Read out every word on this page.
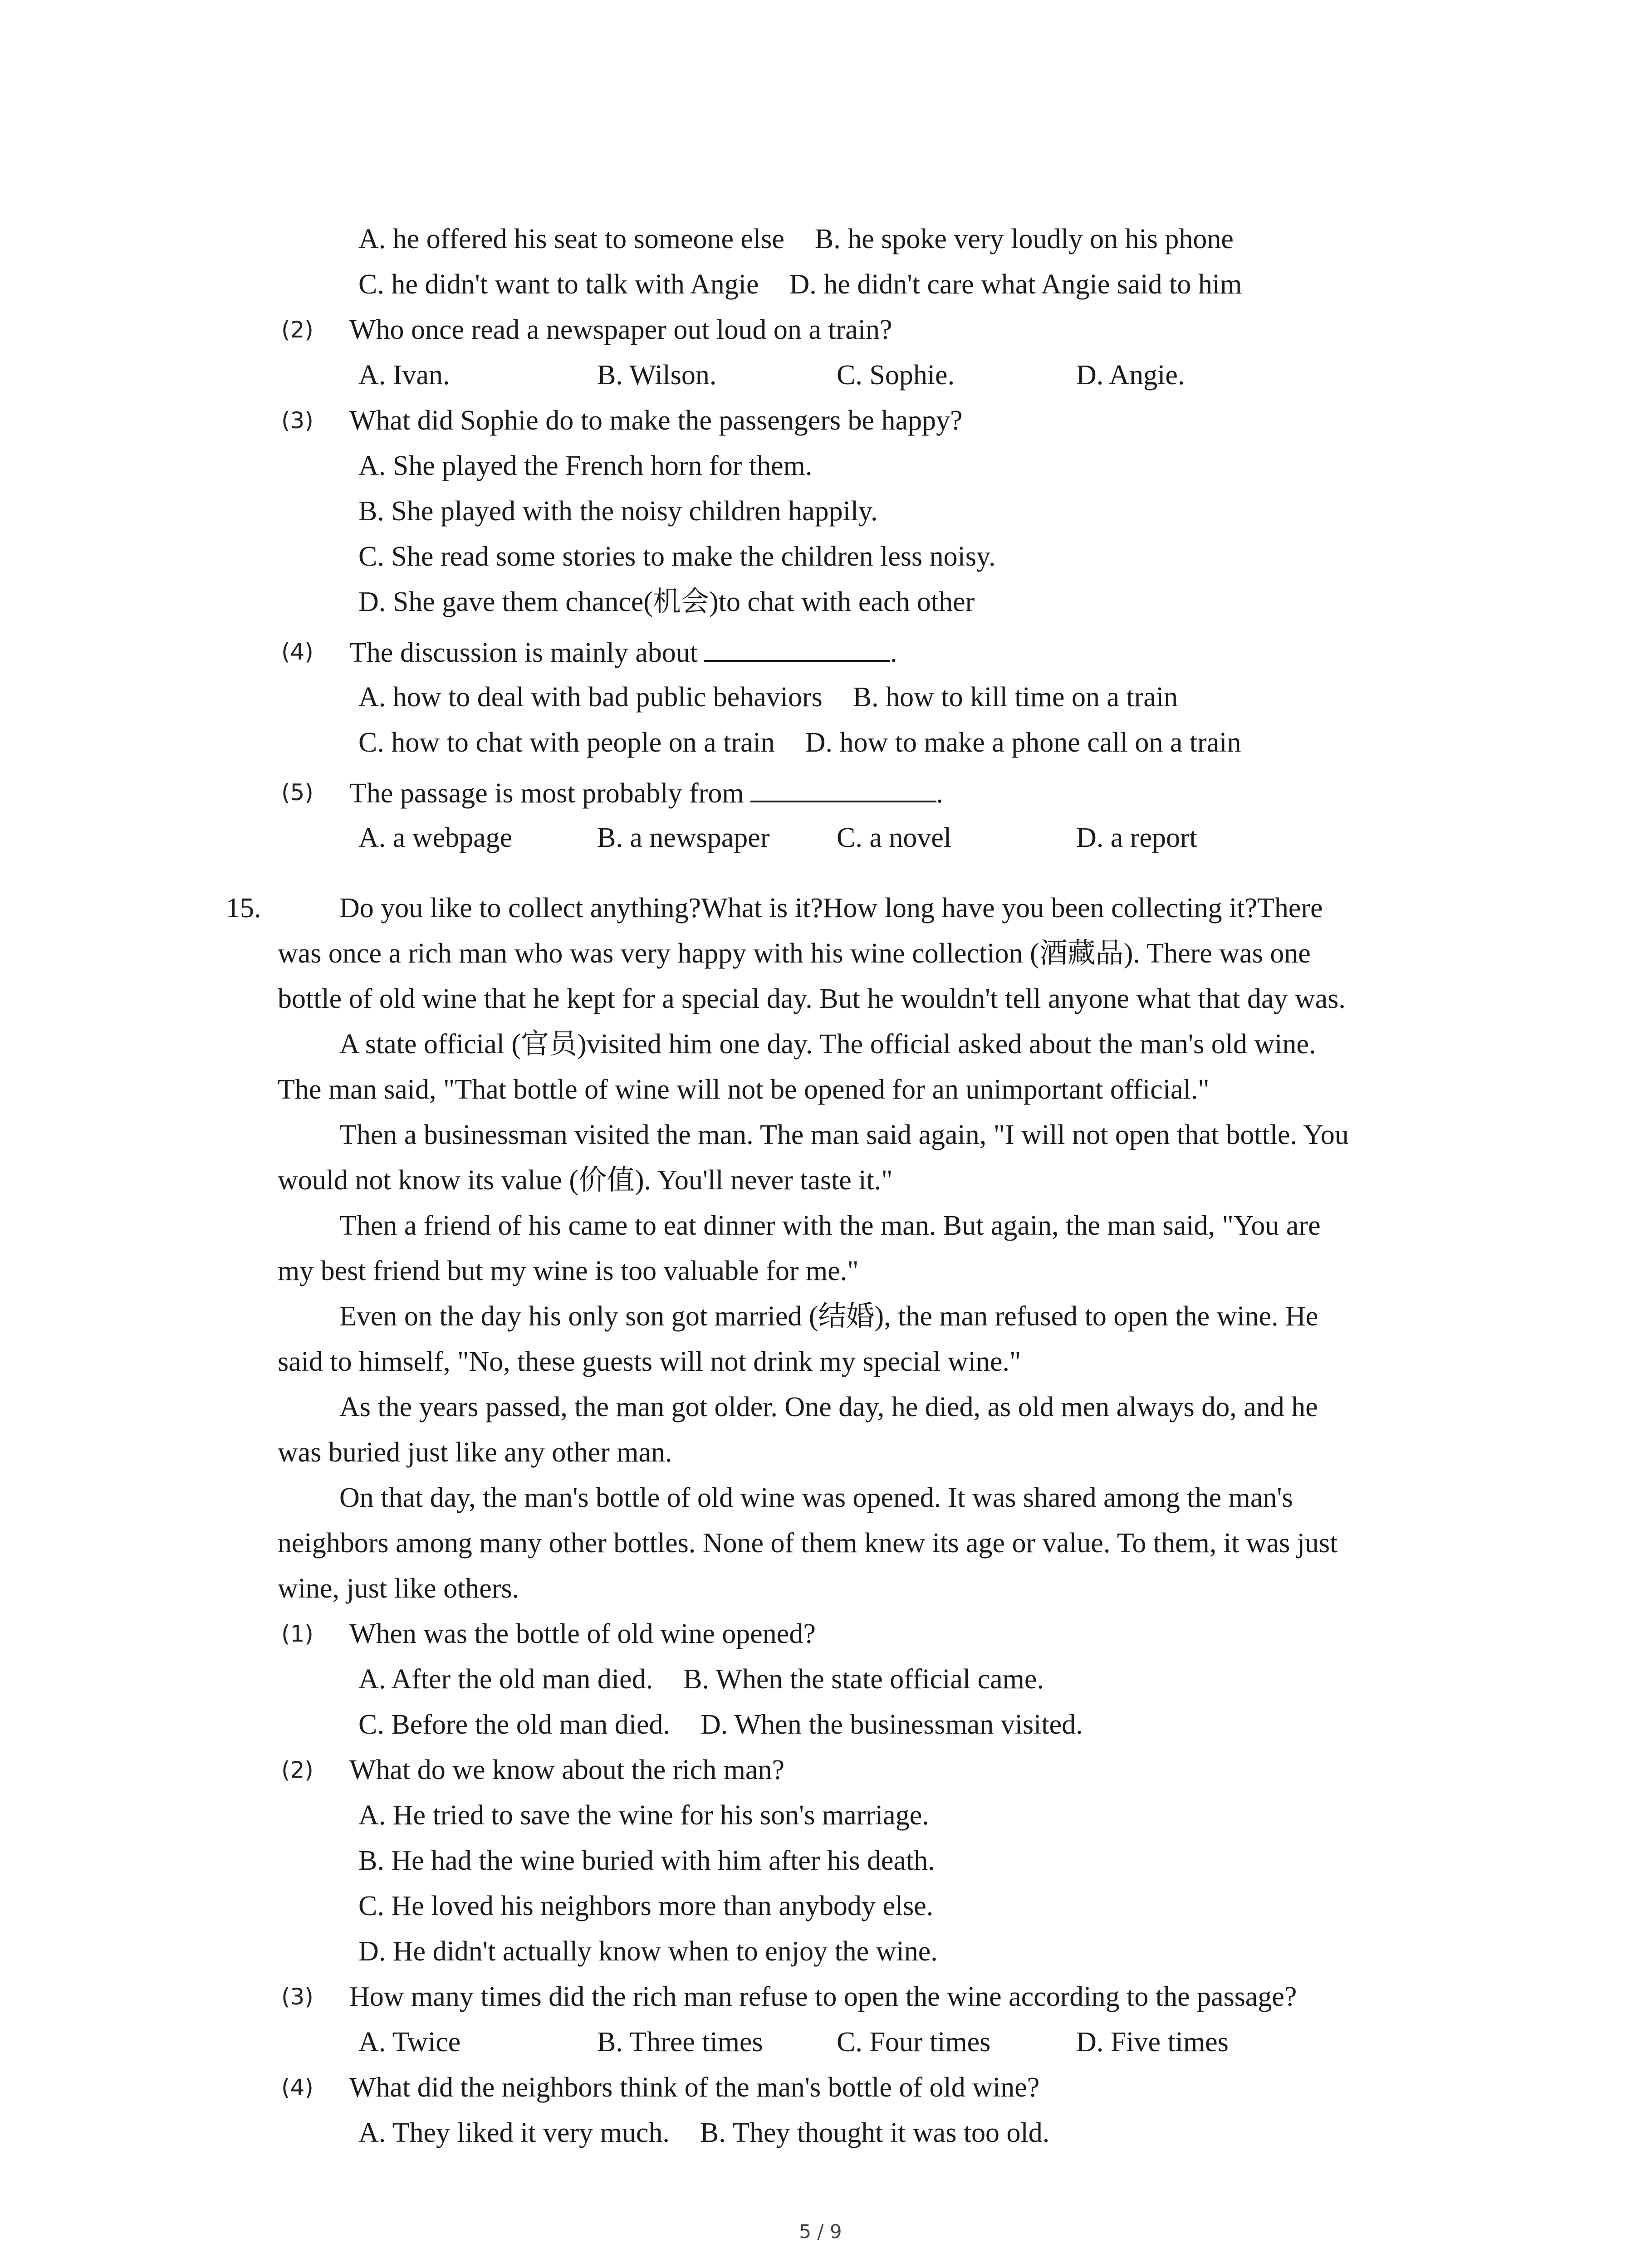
A. he offered his seat to someone else B. he spoke very loudly on his phone
C. he didn't want to talk with Angie D. he didn't care what Angie said to him
(2) Who once read a newspaper out loud on a train?
A. Ivan.	B. Wilson.	C. Sophie.	D. Angie.
(3) What did Sophie do to make the passengers be happy?
A. She played the French horn for them.
B. She played with the noisy children happily.
C. She read some stories to make the children less noisy.
D. She gave them chance(机会)to chat with each other
(4) The discussion is mainly about	.
A. how to deal with bad public behaviors B. how to kill time on a train
C. how to chat with people on a train D. how to make a phone call on a train
(5) The passage is most probably from	.
A. a webpage	B. a newspaper C. a novel	D. a report
15.	Do you like to collect anything?What is it?How long have you been collecting it?There
was once a rich man who was very happy with his wine collection (酒藏品). There was one
bottle of old wine that he kept for a special day. But he wouldn't tell anyone what that day was.
A state official (官员)visited him one day. The official asked about the man's old wine.
The man said, "That bottle of wine will not be opened for an unimportant official."
Then a businessman visited the man. The man said again, "I will not open that bottle. You
would not know its value (价值). You'll never taste it."
Then a friend of his came to eat dinner with the man. But again, the man said, "You are
my best friend but my wine is too valuable for me."
Even on the day his only son got married (结婚), the man refused to open the wine. He
said to himself, "No, these guests will not drink my special wine."
As the years passed, the man got older. One day, he died, as old men always do, and he
was buried just like any other man.
On that day, the man's bottle of old wine was opened. It was shared among the man's
neighbors among many other bottles. None of them knew its age or value. To them, it was just
wine, just like others.
(1) When was the bottle of old wine opened?
A. After the old man died. B. When the state official came.
C. Before the old man died. D. When the businessman visited.
(2) What do we know about the rich man?
A. He tried to save the wine for his son's marriage.
B. He had the wine buried with him after his death.
C. He loved his neighbors more than anybody else.
D. He didn't actually know when to enjoy the wine.
(3) How many times did the rich man refuse to open the wine according to the passage?
A. Twice	B. Three times	C. Four times	D. Five times
(4) What did the neighbors think of the man's bottle of old wine?
A. They liked it very much. B. They thought it was too old.
5 / 9
